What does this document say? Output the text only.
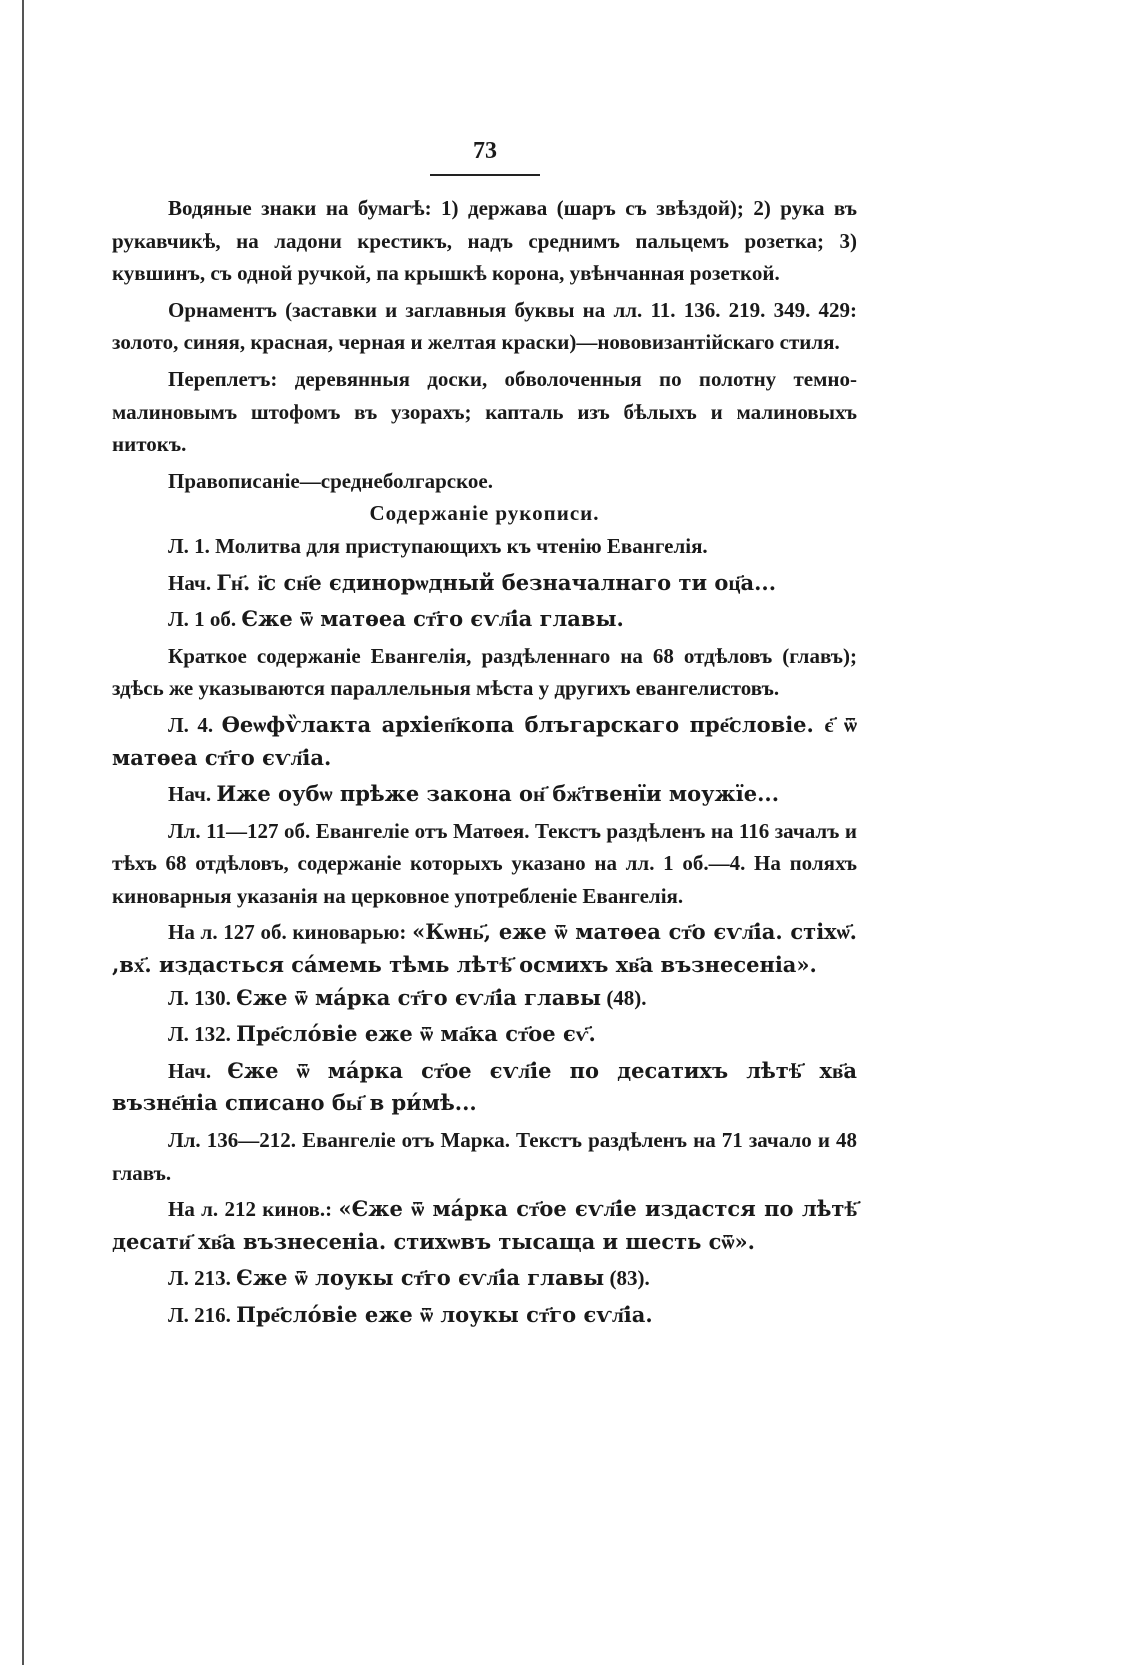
73

Водяные знаки на бумагѣ: 1) держава (шаръ съ звѣздой); 2) рука въ рукавчикѣ, на ладони крестикъ, надъ среднимъ пальцемъ розетка; 3) кувшинъ, съ одной ручкой, па крышкѣ корона, увѣнчанная розеткой.

Орнаментъ (заставки и заглавныя буквы на лл. 11. 136. 219. 349. 429: золото, синяя, красная, черная и желтая краски)—нововизантійскаго стиля.

Переплетъ: деревянныя доски, обволоченныя по полотну темно-малиновымъ штофомъ въ узорахъ; капталь изъ бѣлыхъ и малиновыхъ нитокъ.

Правописаніе—среднеболгарское.

Содержаніе рукописи.

Л. 1. Молитва для приступающихъ къ чтенію Евангелія.

Нач. Гн҃. і҃с сн҃е єдинорѡдный безначалнаго ти оц҃а...

Л. 1 об. Єже ѿ матѳеа ст҃го єѵл҃іа главы.

Краткое содержаніе Евангелія, раздѣленнаго на 68 отдѣловъ (главъ); здѣсь же указываются параллельныя мѣста у другихъ евангелистовъ.

Л. 4. Ѳеѡфѷлакта архіеп҃копа блъгарскаго пре҃словіе. є҃ ѿ матѳеа ст҃го єѵл҃іа.

Нач. Иже оубѡ прѣже закона он҃ бж҃твенїи моужїе...

Лл. 11—127 об. Евангеліе отъ Матѳея. Текстъ раздѣленъ на 116 зачалъ и тѣхъ 68 отдѣловъ, содержаніе которыхъ указано на лл. 1 об.—4. На поляхъ киноварныя указанія на церковное употребленіе Евангелія.

На л. 127 об. киноварью: «Кѡнь҃, еже ѿ матѳеа ст҃о єѵл҃іа. стіхѡ҃. ,вх҃. издасться са́мемь тѣмь лѣтѣ҃ осмихъ хв҃а възнесеніа».

Л. 130. Єже ѿ ма́рка ст҃го єѵл҃іа главы (48).

Л. 132. Пре҃сло́віе еже ѿ ма҃ка ст҃ое єѵ҃.

Нач. Єже ѿ ма́рка ст҃ое єѵл҃іе по десатихъ лѣтѣ҃ хв҃а възне҃ніа списано бы҃ в ри́мѣ...

Лл. 136—212. Евангеліе отъ Марка. Текстъ раздѣленъ на 71 зачало и 48 главъ.

На л. 212 кинов.: «Єже ѿ ма́рка ст҃ое єѵл҃іе издастся по лѣтѣ҃ десати҃ хв҃а възнесеніа. стихѡвъ тысаща и шесть сѿ».

Л. 213. Єже ѿ лоукы ст҃го єѵл҃іа главы (83).

Л. 216. Пре҃сло́віе еже ѿ лоукы ст҃го єѵл҃іа.
